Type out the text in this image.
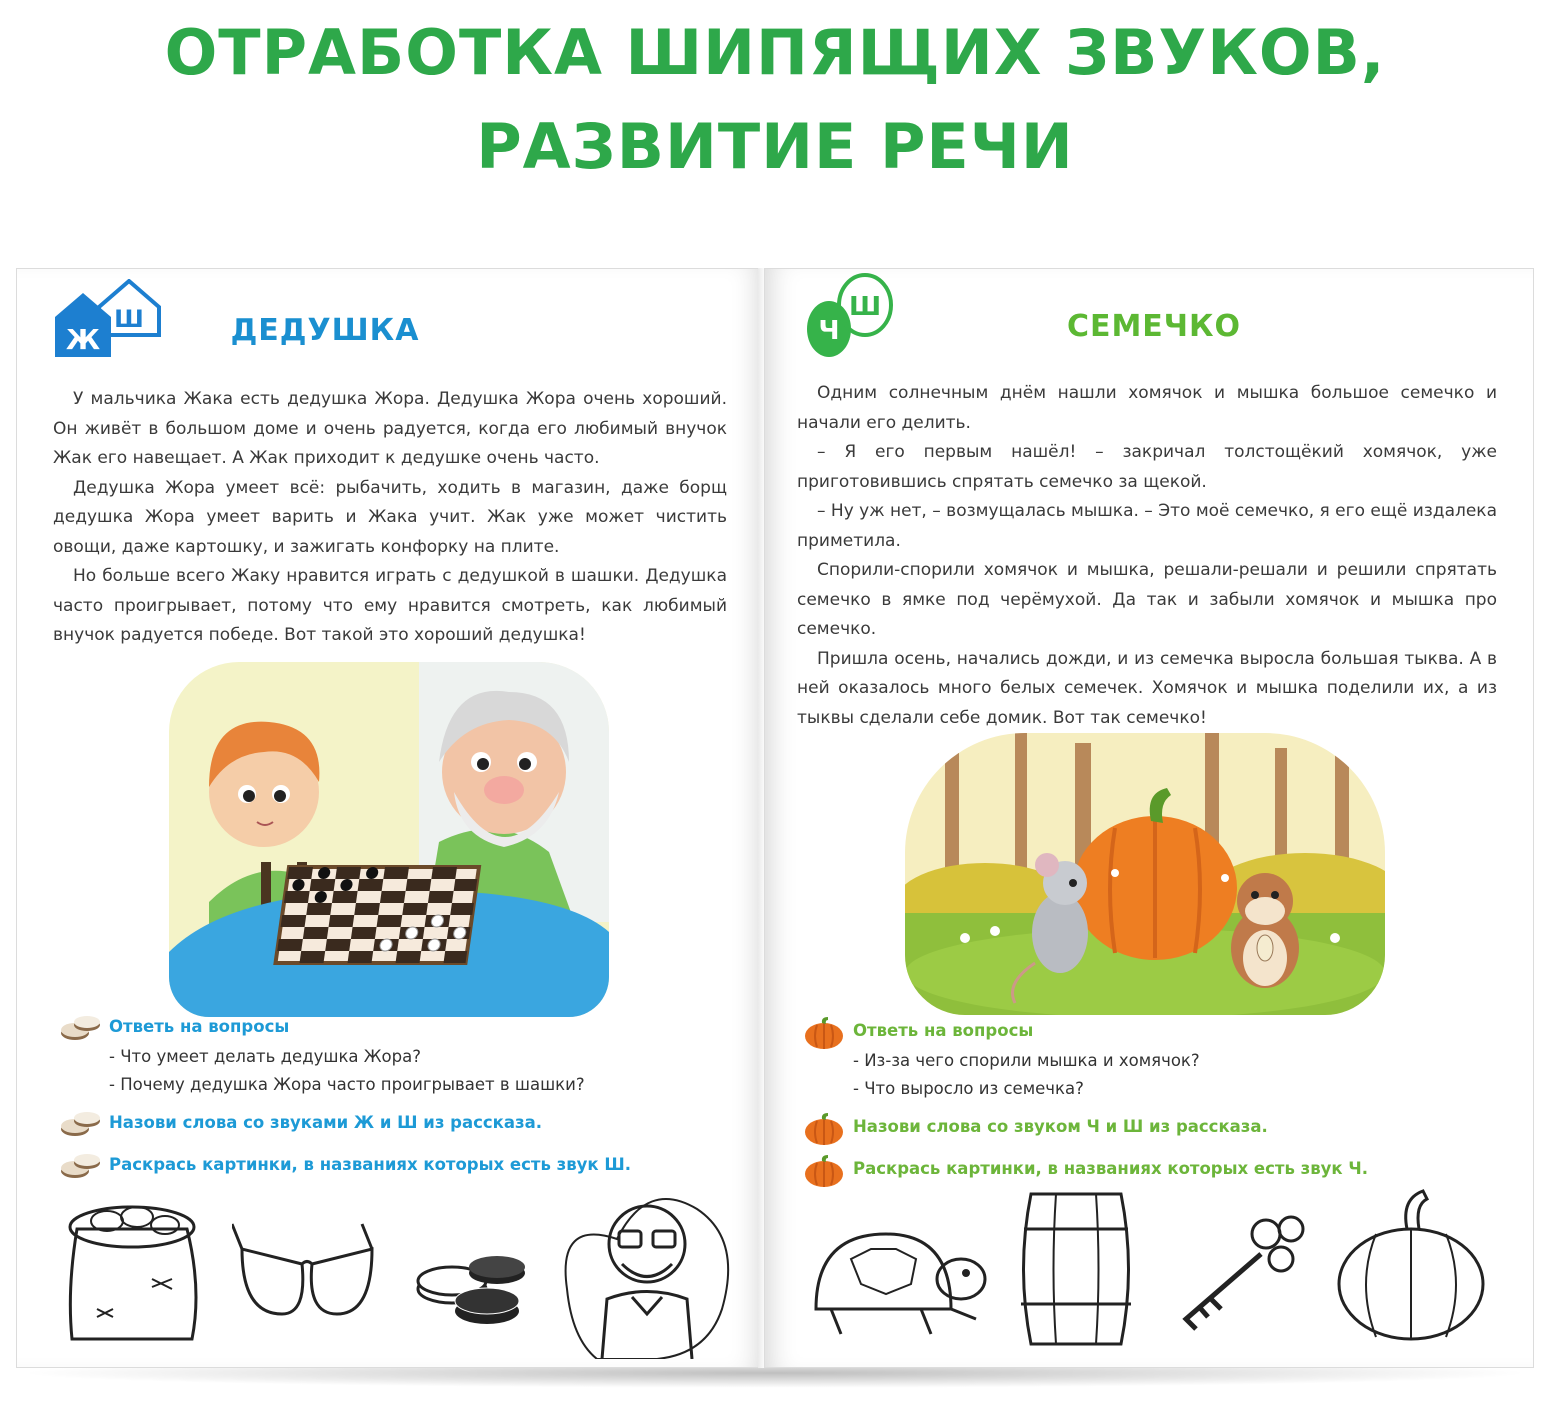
ОТРАБОТКА ШИПЯЩИХ ЗВУКОВ,
РАЗВИТИЕ РЕЧИ
Ж
Ш	ДЕДУШКА

У мальчика Жака есть дедушка Жора. Дедушка Жора очень хороший. Он живёт в большом доме и очень радуется, когда его любимый внучок Жак его навещает. А Жак приходит к дедушке очень часто.

Дедушка Жора умеет всё: рыбачить, ходить в магазин, даже борщ дедушка Жора умеет варить и Жака учит. Жак уже может чистить овощи, даже картошку, и зажигать конфорку на плите.

Но больше всего Жаку нравится играть с дедушкой в шашки. Дедушка часто проигрывает, потому что ему нравится смотреть, как любимый внучок радуется победе. Вот такой это хороший дедушка!

Ответь на вопросы
- Что умеет делать дедушка Жора?
- Почему дедушка Жора часто проигрывает в шашки?
Назови слова со звуками Ж и Ш из рассказа.
Раскрась картинки, в названиях которых есть звук Ш.
Ч
Ш
СЕМЕЧКО

Одним солнечным днём нашли хомячок и мышка большое семечко и начали его делить.

– Я его первым нашёл! – закричал толстощёкий хомячок, уже приготовившись спрятать семечко за щекой.

– Ну уж нет, – возмущалась мышка. – Это моё семечко, я его ещё издалека приметила.

Спорили-спорили хомячок и мышка, решали-решали и решили спрятать семечко в ямке под черёмухой. Да так и забыли хомячок и мышка про семечко.

Пришла осень, начались дожди, и из семечка выросла большая тыква. А в ней оказалось много белых семечек. Хомячок и мышка поделили их, а из тыквы сделали себе домик. Вот так семечко!

Ответь на вопросы
- Из-за чего спорили мышка и хомячок?
- Что выросло из семечка?
Назови слова со звуком Ч и Ш из рассказа.
Раскрась картинки, в названиях которых есть звук Ч.
